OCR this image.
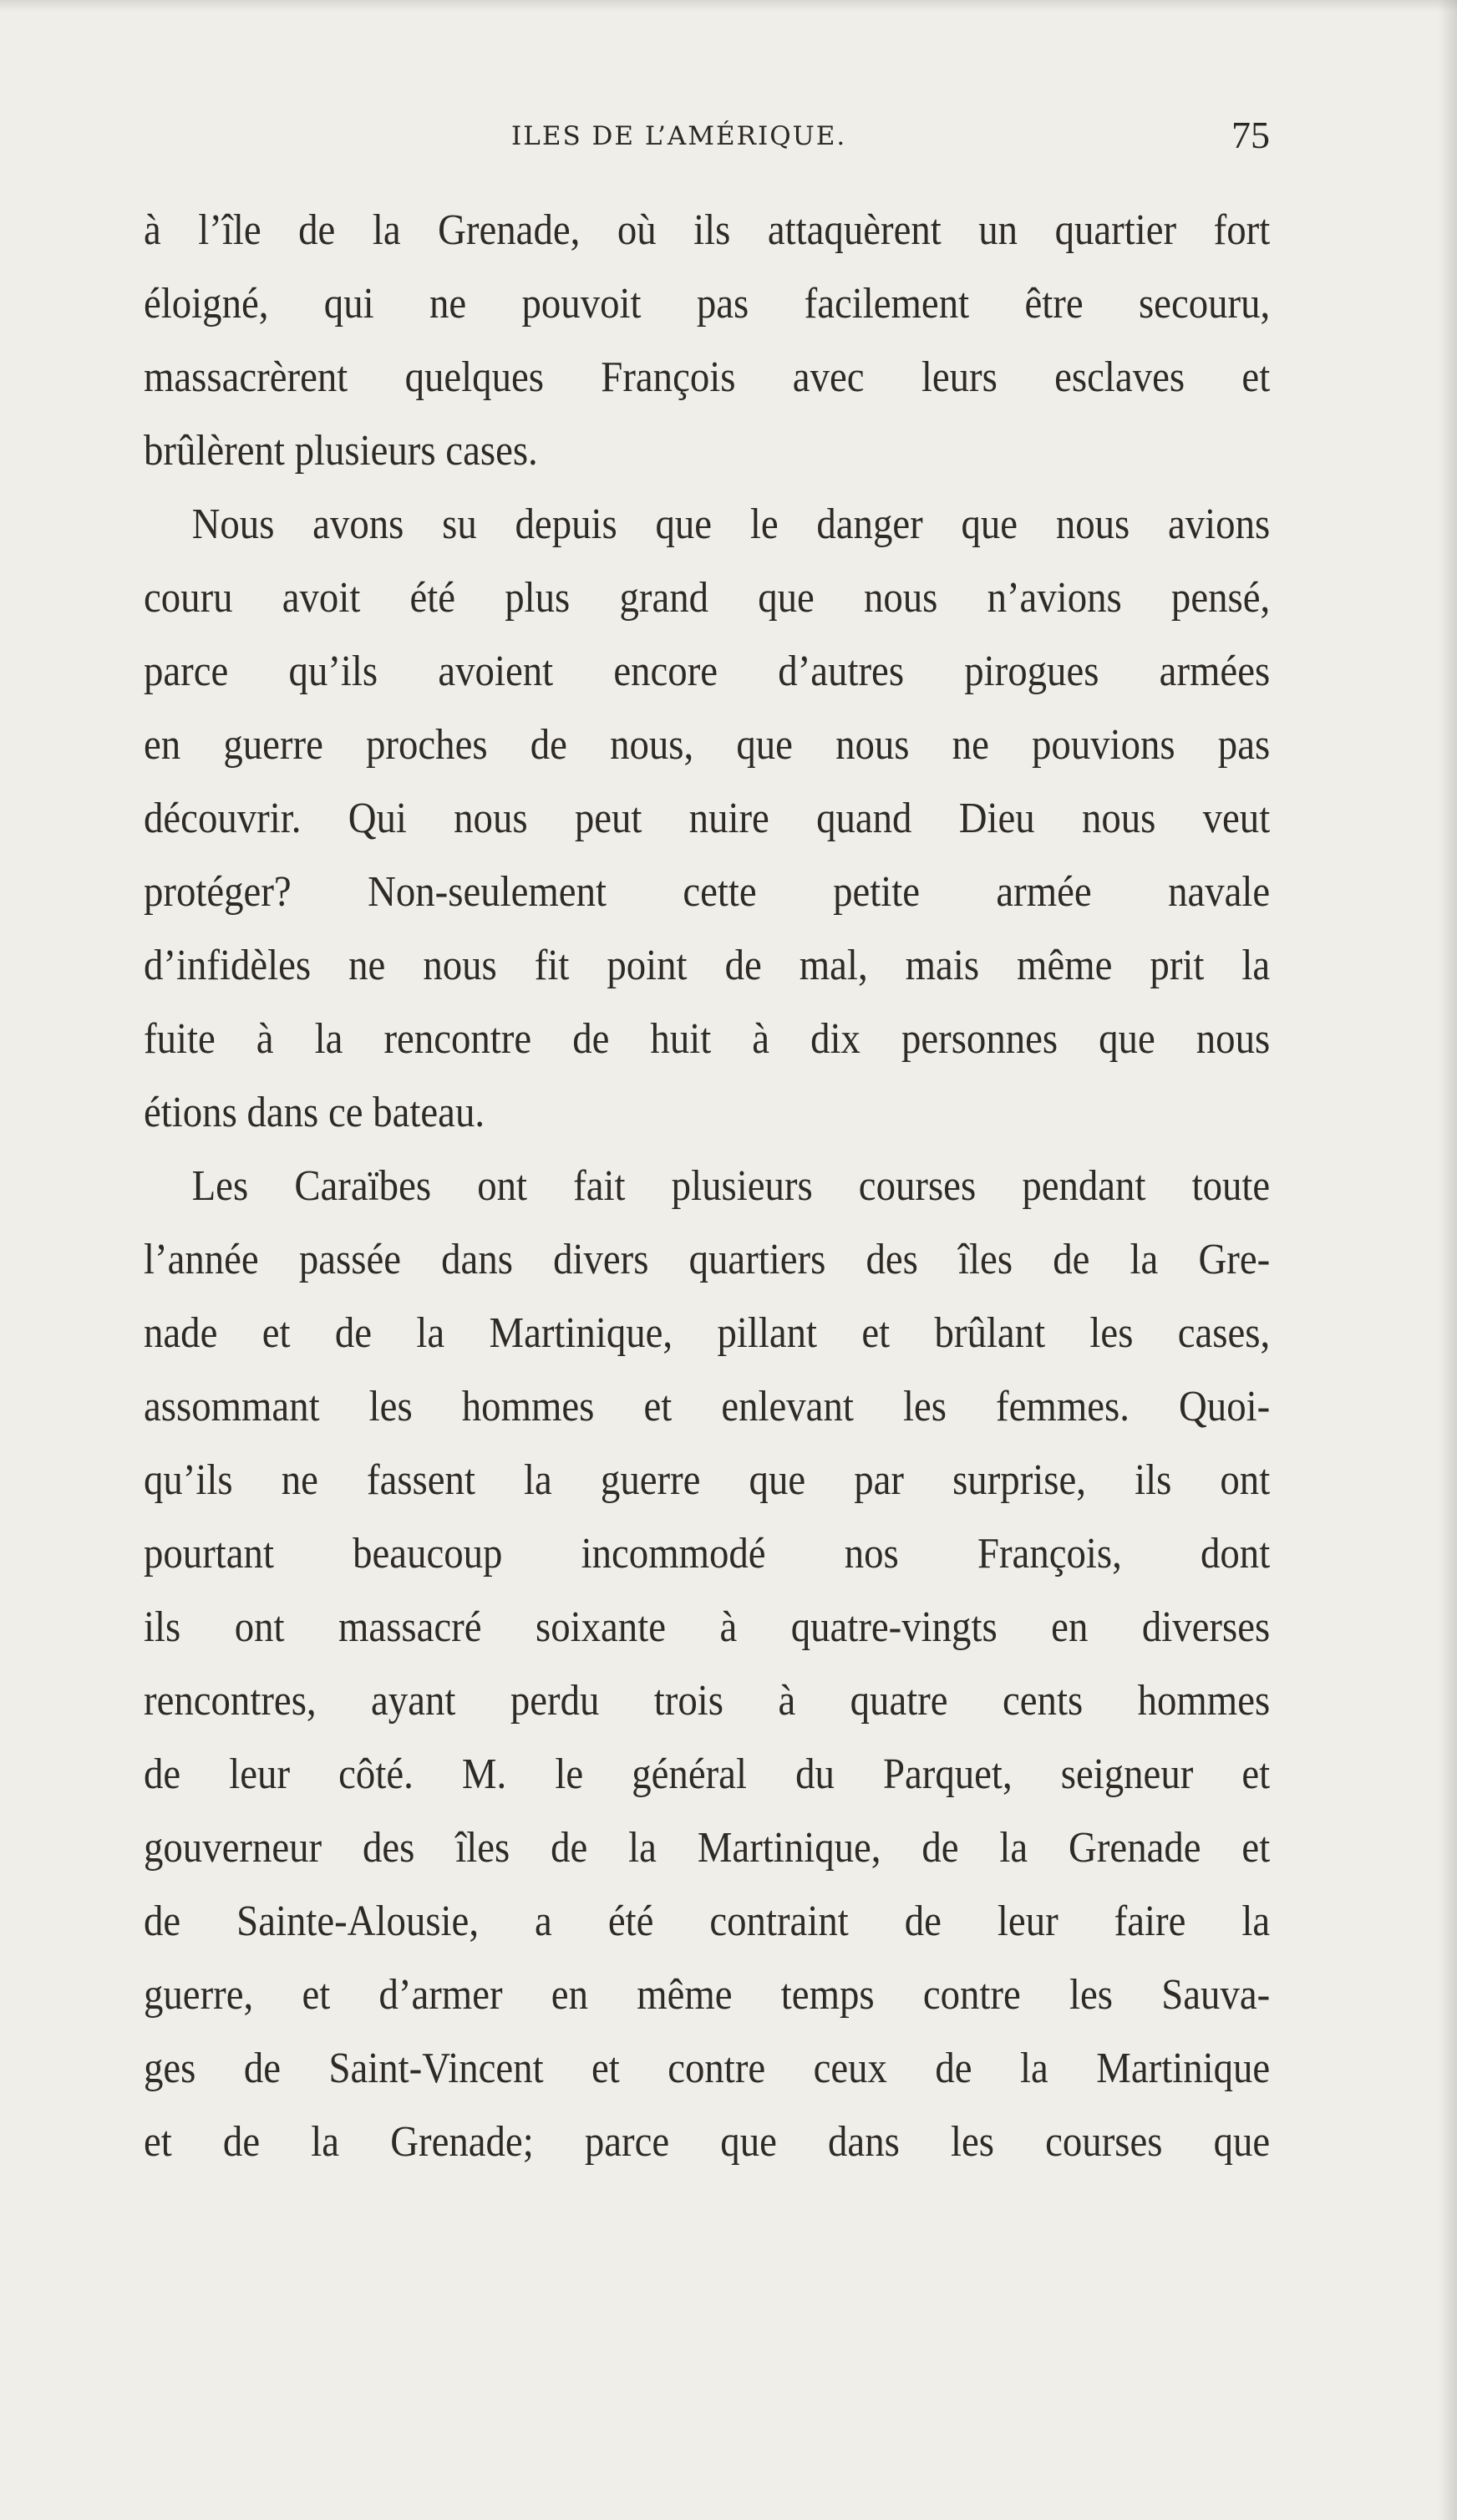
ILES DE L’AMÉRIQUE.	75
à l’île de la Grenade, où ils attaquèrent un quartier fort
éloigné, qui ne pouvoit pas facilement être secouru,
massacrèrent quelques François avec leurs esclaves et
brûlèrent plusieurs cases.
Nous avons su depuis que le danger que nous avions
couru avoit été plus grand que nous n’avions pensé,
parce qu’ils avoient encore d’autres pirogues armées
en guerre proches de nous, que nous ne pouvions pas
découvrir. Qui nous peut nuire quand Dieu nous veut
protéger? Non-seulement cette petite armée navale
d’infidèles ne nous fit point de mal, mais même prit la
fuite à la rencontre de huit à dix personnes que nous
étions dans ce bateau.
Les Caraïbes ont fait plusieurs courses pendant toute
l’année passée dans divers quartiers des îles de la Gre-
nade et de la Martinique, pillant et brûlant les cases,
assommant les hommes et enlevant les femmes. Quoi-
qu’ils ne fassent la guerre que par surprise, ils ont
pourtant beaucoup incommodé nos François, dont
ils ont massacré soixante à quatre-vingts en diverses
rencontres, ayant perdu trois à quatre cents hommes
de leur côté. M. le général du Parquet, seigneur et
gouverneur des îles de la Martinique, de la Grenade et
de Sainte-Alousie, a été contraint de leur faire la
guerre, et d’armer en même temps contre les Sauva-
ges de Saint-Vincent et contre ceux de la Martinique
et de la Grenade; parce que dans les courses que
